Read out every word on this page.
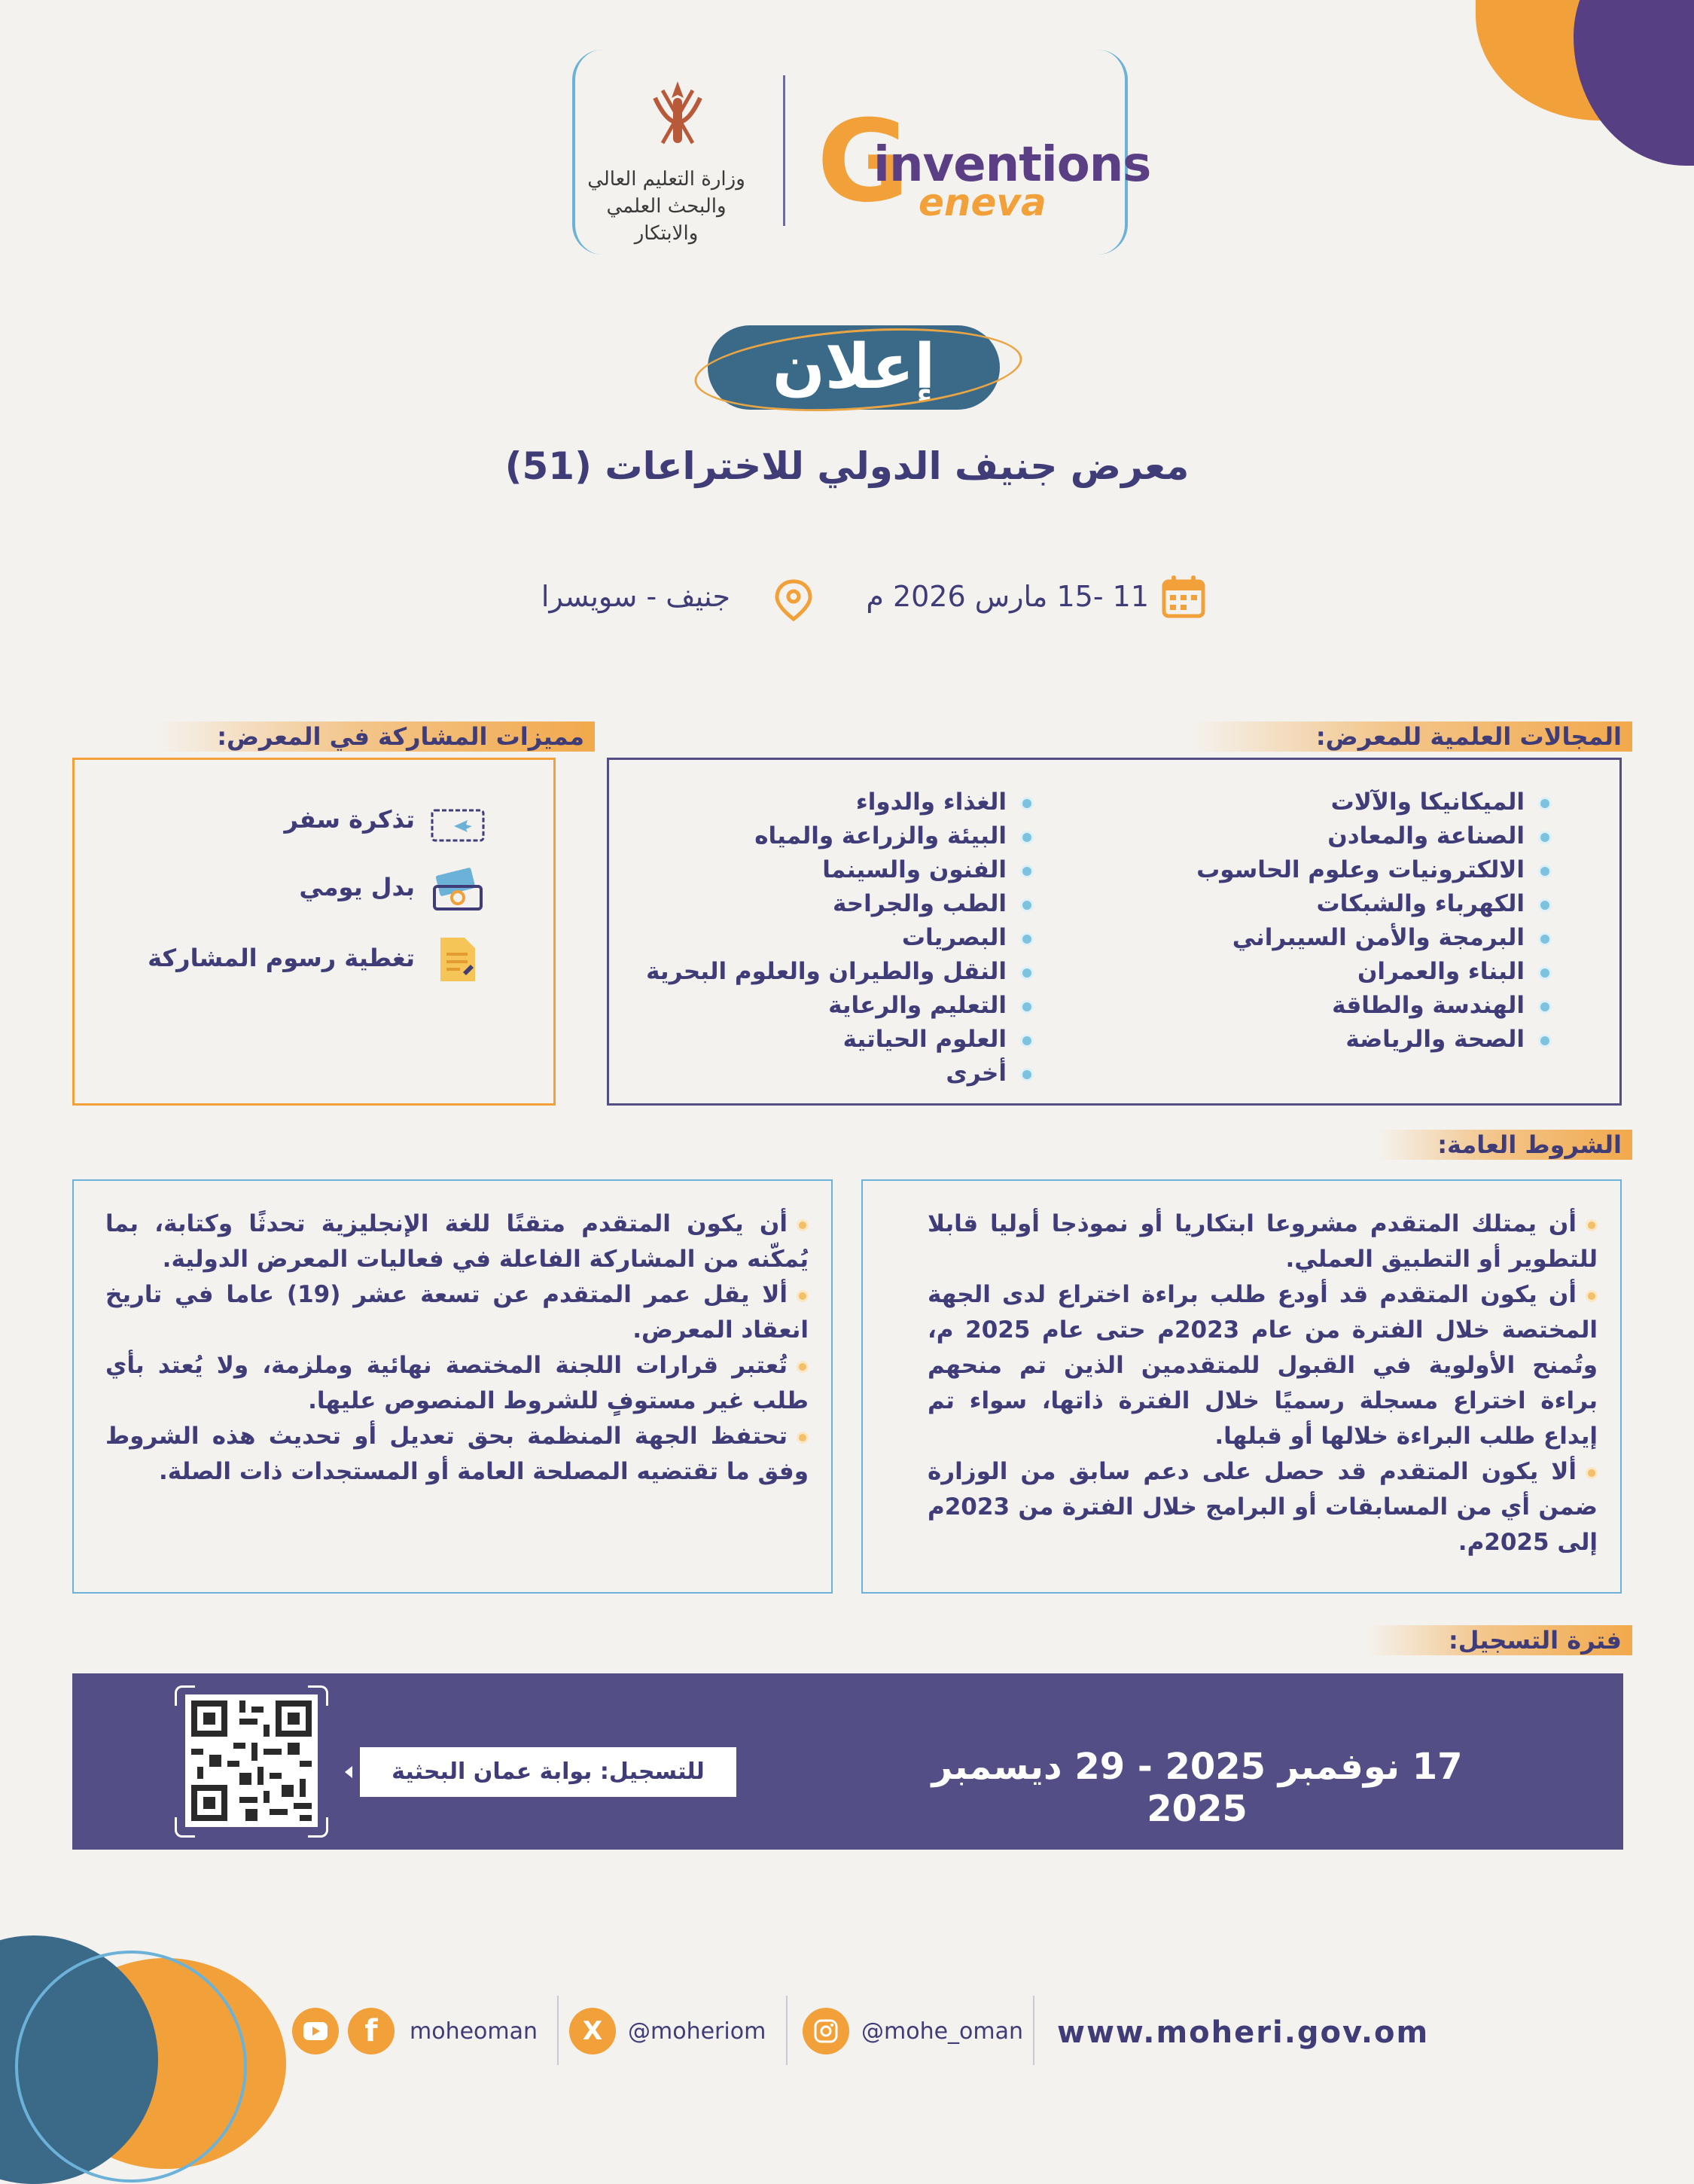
وزارة التعليم العالي
والبحث العلمي والابتكار
G
inventions
eneva
إعلان
معرض جنيف الدولي للاختراعات (51)
11 -15 مارس 2026 م
جنيف - سويسرا
المجالات العلمية للمعرض:
الميكانيكا والآلات
الصناعة والمعادن
الالكترونيات وعلوم الحاسوب
الكهرباء والشبكات
البرمجة والأمن السيبراني
البناء والعمران
الهندسة والطاقة
الصحة والرياضة
الغذاء والدواء
البيئة والزراعة والمياه
الفنون والسينما
الطب والجراحة
البصريات
النقل والطيران والعلوم البحرية
التعليم والرعاية
العلوم الحياتية
أخرى
مميزات المشاركة في المعرض:
تذكرة سفر
بدل يومي
تغطية رسوم المشاركة
الشروط العامة:

أن يمتلك المتقدم مشروعا ابتكاريا أو نموذجا أوليا قابلا للتطوير أو التطبيق العملي.

أن يكون المتقدم قد أودع طلب براءة اختراع لدى الجهة المختصة خلال الفترة من عام 2023م حتى عام 2025 م، وتُمنح الأولوية في القبول للمتقدمين الذين تم منحهم براءة اختراع مسجلة رسميًا خلال الفترة ذاتها، سواء تم إيداع طلب البراءة خلالها أو قبلها.

ألا يكون المتقدم قد حصل على دعم سابق من الوزارة ضمن أي من المسابقات أو البرامج خلال الفترة من 2023م إلى 2025م.

أن يكون المتقدم متقنًا للغة الإنجليزية تحدثًا وكتابة، بما يُمكّنه من المشاركة الفاعلة في فعاليات المعرض الدولية.

ألا يقل عمر المتقدم عن تسعة عشر (19) عاما في تاريخ انعقاد المعرض.

تُعتبر قرارات اللجنة المختصة نهائية وملزمة، ولا يُعتد بأي طلب غير مستوفٍ للشروط المنصوص عليها.

تحتفظ الجهة المنظمة بحق تعديل أو تحديث هذه الشروط وفق ما تقتضيه المصلحة العامة أو المستجدات ذات الصلة.

فترة التسجيل:
17 نوفمبر 2025 - 29 ديسمبر 2025
للتسجيل: بوابة عمان البحثية
f	moheoman	X	@moheriom	@mohe_oman www.moheri.gov.om
